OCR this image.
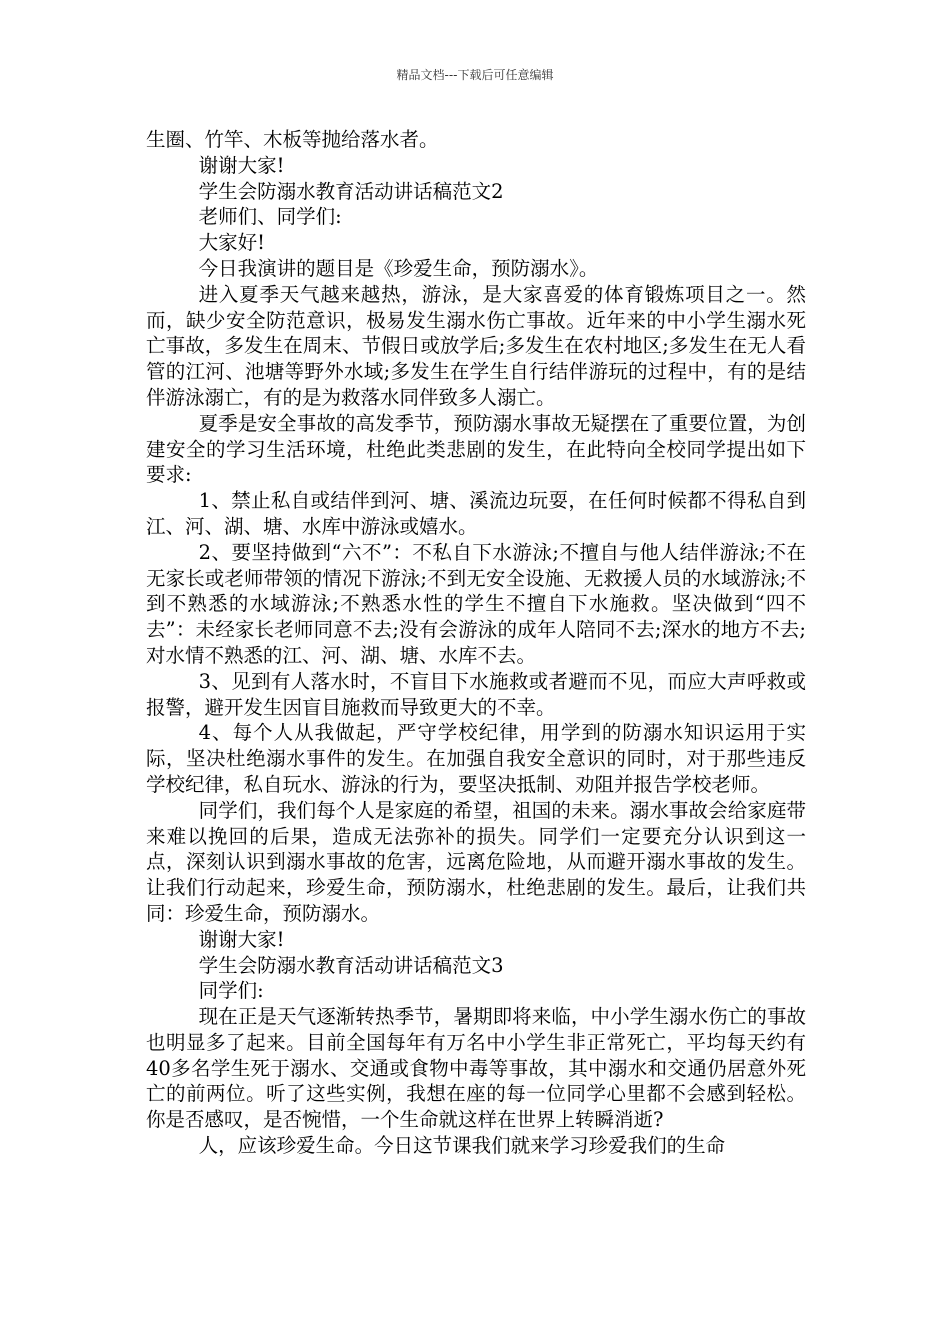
精品文档---下载后可任意编辑

生圈、竹竿、木板等抛给落水者。

谢谢大家!

学生会防溺水教育活动讲话稿范文2

老师们、同学们:

大家好!

今日我演讲的题目是《珍爱生命，预防溺水》。

进入夏季天气越来越热，游泳，是大家喜爱的体育锻炼项目之一。然而，缺少安全防范意识，极易发生溺水伤亡事故。近年来的中小学生溺水死亡事故，多发生在周末、节假日或放学后;多发生在农村地区;多发生在无人看管的江河、池塘等野外水域;多发生在学生自行结伴游玩的过程中，有的是结伴游泳溺亡，有的是为救落水同伴致多人溺亡。

夏季是安全事故的高发季节，预防溺水事故无疑摆在了重要位置，为创建安全的学习生活环境，杜绝此类悲剧的发生，在此特向全校同学提出如下要求:

1、禁止私自或结伴到河、塘、溪流边玩耍，在任何时候都不得私自到江、河、湖、塘、水库中游泳或嬉水。

2、要坚持做到“六不”：不私自下水游泳;不擅自与他人结伴游泳;不在无家长或老师带领的情况下游泳;不到无安全设施、无救援人员的水域游泳;不到不熟悉的水域游泳;不熟悉水性的学生不擅自下水施救。坚决做到“四不去”：未经家长老师同意不去;没有会游泳的成年人陪同不去;深水的地方不去;对水情不熟悉的江、河、湖、塘、水库不去。

3、见到有人落水时，不盲目下水施救或者避而不见，而应大声呼救或报警，避开发生因盲目施救而导致更大的不幸。

4、每个人从我做起，严守学校纪律，用学到的防溺水知识运用于实际，坚决杜绝溺水事件的发生。在加强自我安全意识的同时，对于那些违反学校纪律，私自玩水、游泳的行为，要坚决抵制、劝阻并报告学校老师。

同学们，我们每个人是家庭的希望，祖国的未来。溺水事故会给家庭带来难以挽回的后果，造成无法弥补的损失。同学们一定要充分认识到这一点，深刻认识到溺水事故的危害，远离危险地，从而避开溺水事故的发生。让我们行动起来，珍爱生命，预防溺水，杜绝悲剧的发生。最后，让我们共同：珍爱生命，预防溺水。

谢谢大家!

学生会防溺水教育活动讲话稿范文3

同学们:

现在正是天气逐渐转热季节，暑期即将来临，中小学生溺水伤亡的事故也明显多了起来。目前全国每年有万名中小学生非正常死亡，平均每天约有40多名学生死于溺水、交通或食物中毒等事故，其中溺水和交通仍居意外死亡的前两位。听了这些实例，我想在座的每一位同学心里都不会感到轻松。你是否感叹，是否惋惜，一个生命就这样在世界上转瞬消逝?

人，应该珍爱生命。今日这节课我们就来学习珍爱我们的生命
